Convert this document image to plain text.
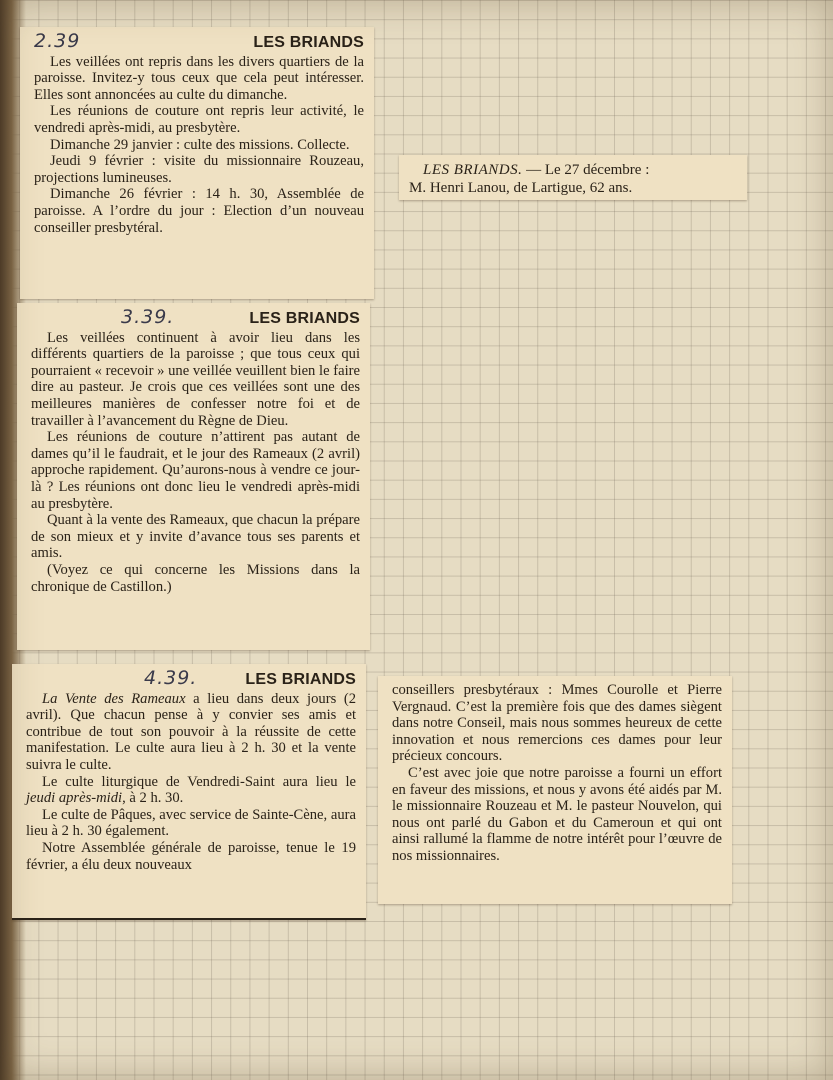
2.39	LES BRIANDS

Les veillées ont repris dans les divers quartiers de la paroisse. Invitez-y tous ceux que cela peut intéresser. Elles sont annoncées au culte du dimanche.

Les réunions de couture ont repris leur activité, le vendredi après-midi, au presbytère.

Dimanche 29 janvier : culte des missions. Collecte.

Jeudi 9 février : visite du missionnaire Rouzeau, projections lumineuses.

Dimanche 26 février : 14 h. 30, Assemblée de paroisse. A l’ordre du jour : Election d’un nouveau conseiller presbytéral.

3.39.	LES BRIANDS

Les veillées continuent à avoir lieu dans les différents quartiers de la paroisse ; que tous ceux qui pourraient « recevoir » une veillée veuillent bien le faire dire au pasteur. Je crois que ces veillées sont une des meilleures manières de confesser notre foi et de travailler à l’avancement du Règne de Dieu.

Les réunions de couture n’attirent pas autant de dames qu’il le faudrait, et le jour des Rameaux (2 avril) approche rapidement. Qu’aurons-nous à vendre ce jour-là ? Les réunions ont donc lieu le vendredi après-midi au presbytère.

Quant à la vente des Rameaux, que chacun la prépare de son mieux et y invite d’avance tous ses parents et amis.

(Voyez ce qui concerne les Missions dans la chronique de Castillon.)

4.39.	LES BRIANDS

La Vente des Rameaux a lieu dans deux jours (2 avril). Que chacun pense à y convier ses amis et contribue de tout son pouvoir à la réussite de cette manifestation. Le culte aura lieu à 2 h. 30 et la vente suivra le culte.

Le culte liturgique de Vendredi-Saint aura lieu le jeudi après-midi, à 2 h. 30.

Le culte de Pâques, avec service de Sainte-Cène, aura lieu à 2 h. 30 également.

Notre Assemblée générale de paroisse, tenue le 19 février, a élu deux nouveaux

conseillers presbytéraux : Mmes Courolle et Pierre Vergnaud. C’est la première fois que des dames siègent dans notre Conseil, mais nous sommes heureux de cette innovation et nous remercions ces dames pour leur précieux concours.

C’est avec joie que notre paroisse a fourni un effort en faveur des missions, et nous y avons été aidés par M. le missionnaire Rouzeau et M. le pasteur Nouvelon, qui nous ont parlé du Gabon et du Cameroun et qui ont ainsi rallumé la flamme de notre intérêt pour l’œuvre de nos missionnaires.

LES BRIANDS. — Le 27 décembre :
M. Henri Lanou, de Lartigue, 62 ans.
